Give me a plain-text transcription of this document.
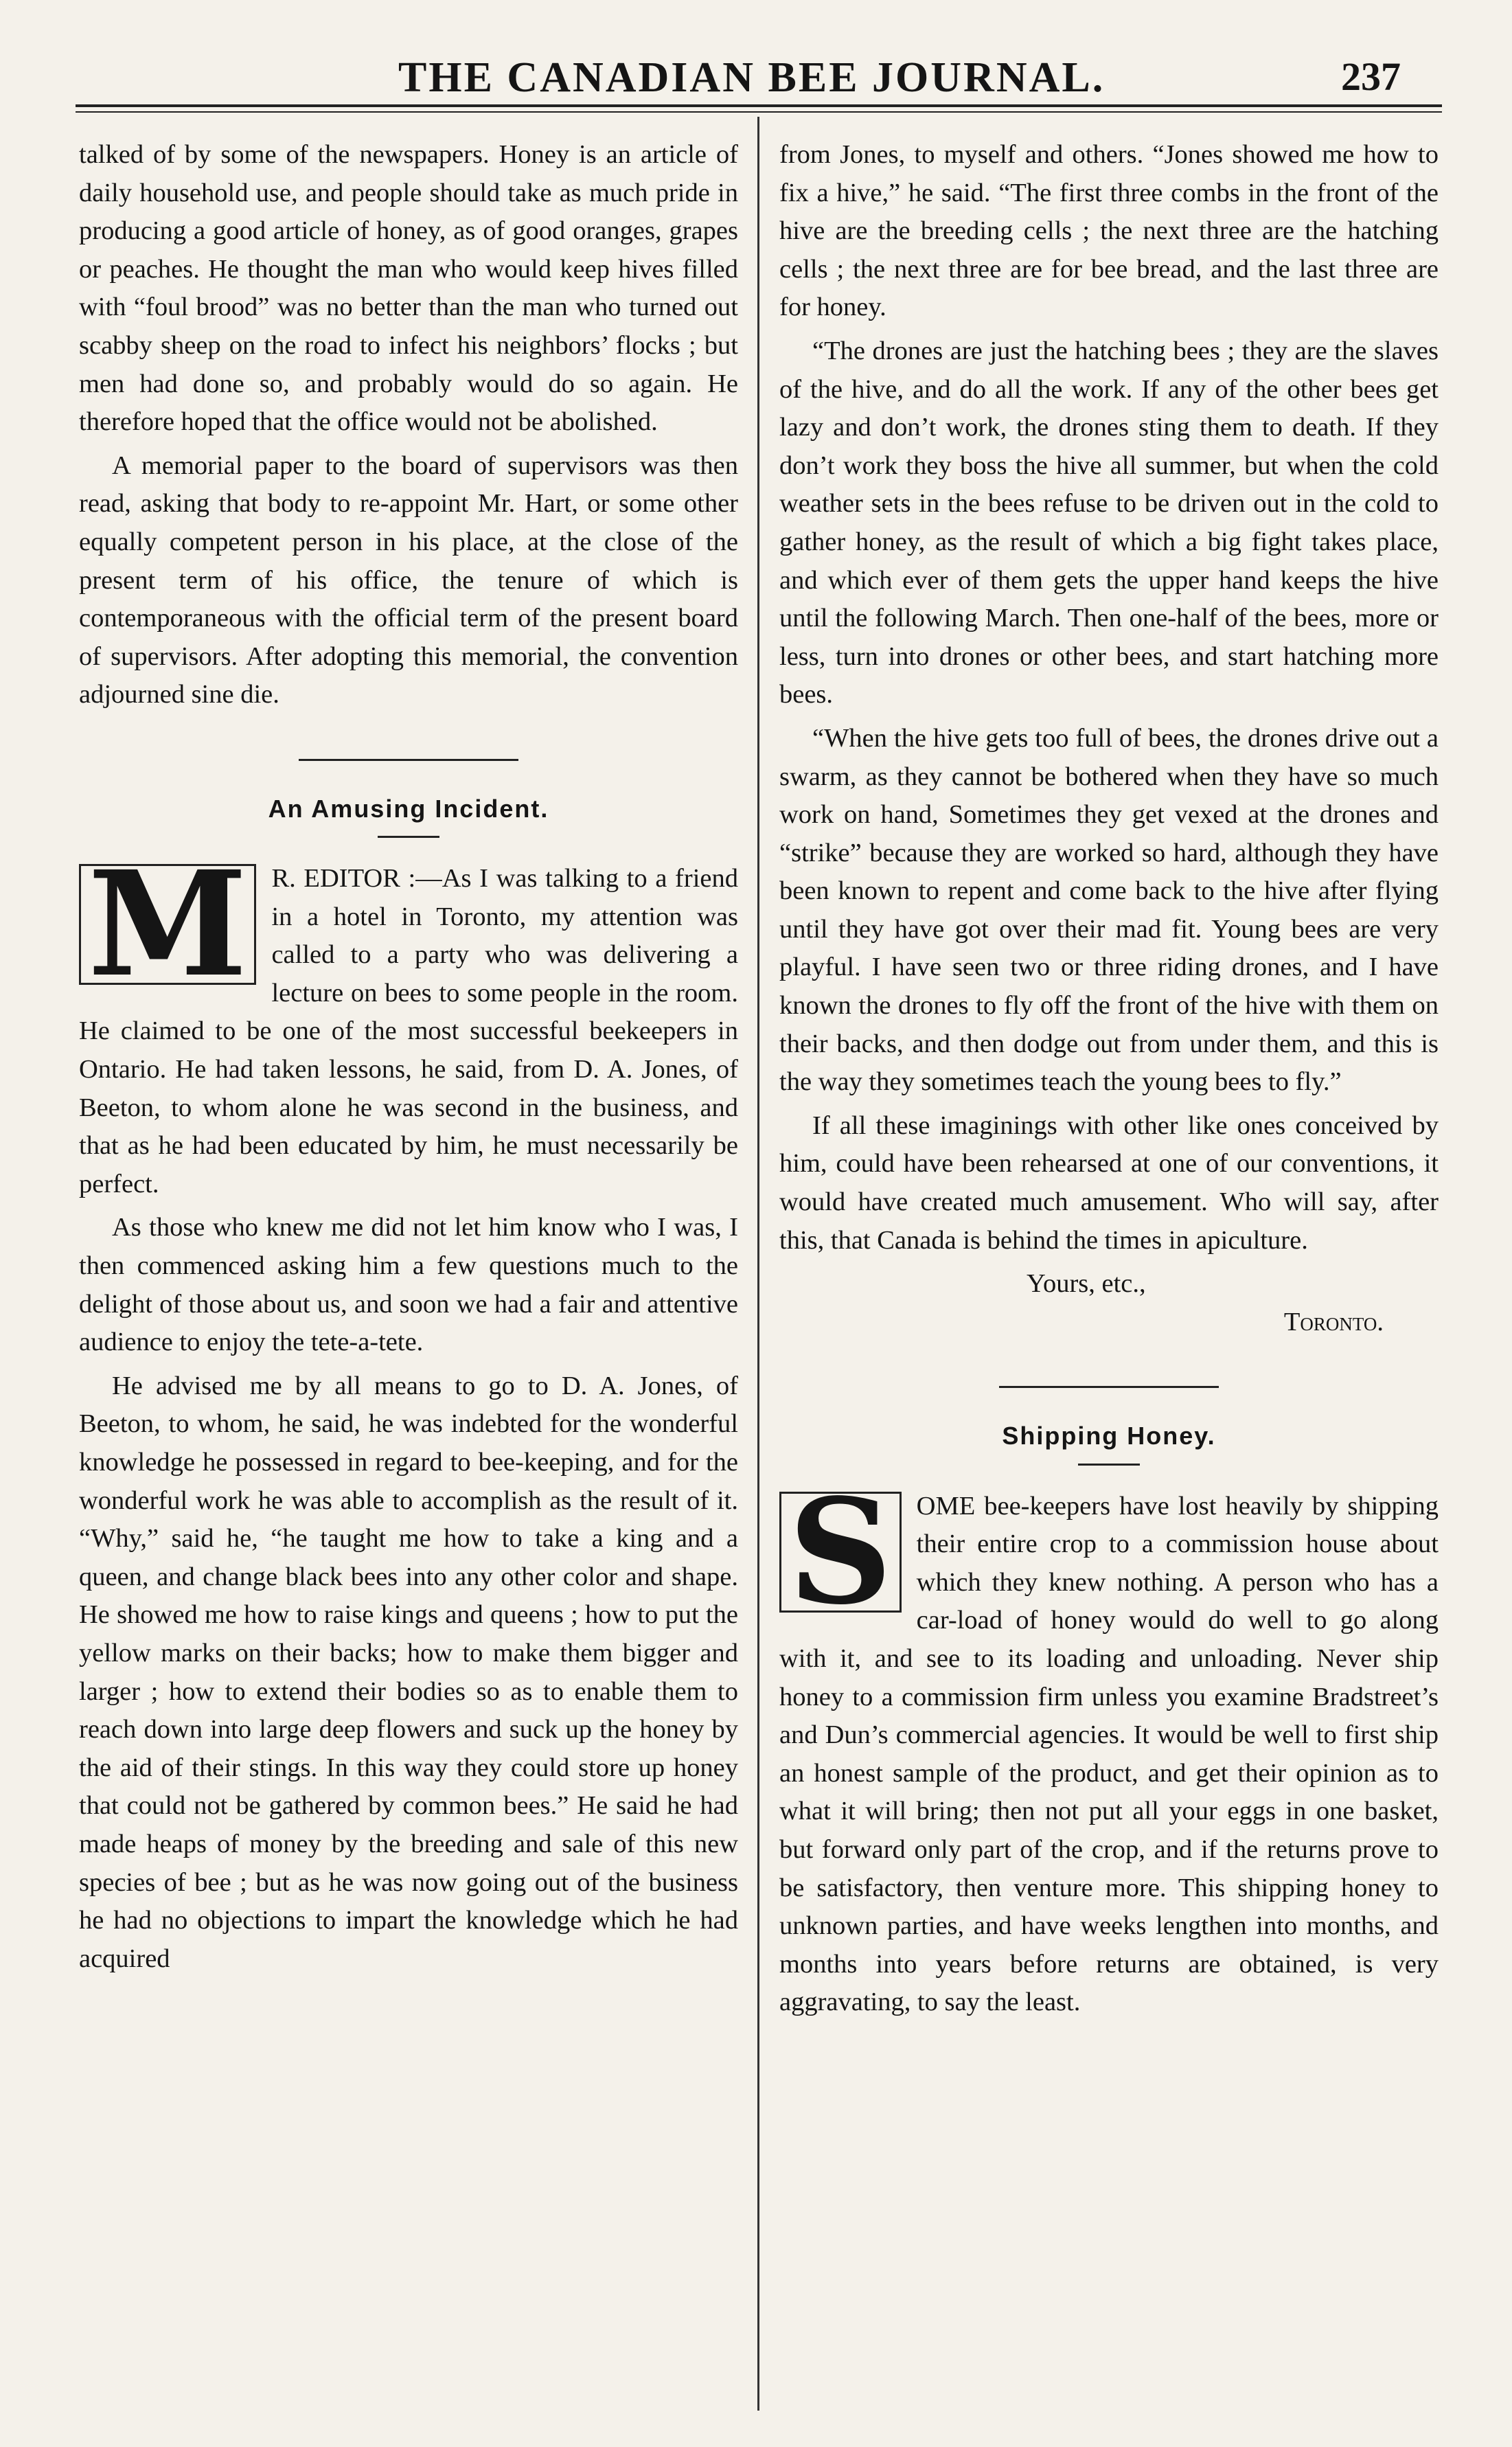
THE CANADIAN BEE JOURNAL.	237

talked of by some of the newspapers. Honey is an article of daily household use, and people should take as much pride in producing a good article of honey, as of good oranges, grapes or peaches. He thought the man who would keep hives filled with “foul brood” was no better than the man who turned out scabby sheep on the road to infect his neighbors’ flocks ; but men had done so, and probably would do so again. He therefore hoped that the office would not be abolished.

A memorial paper to the board of supervisors was then read, asking that body to re-appoint Mr. Hart, or some other equally competent person in his place, at the close of the present term of his office, the tenure of which is contemporaneous with the official term of the present board of supervisors. After adopting this memorial, the convention adjourned sine die.

An Amusing Incident.

M R. EDITOR :—As I was talking to a friend in a hotel in Toronto, my attention was called to a party who was delivering a lecture on bees to some people in the room. He claimed to be one of the most successful beekeepers in Ontario. He had taken lessons, he said, from D. A. Jones, of Beeton, to whom alone he was second in the business, and that as he had been educated by him, he must necessarily be perfect.

As those who knew me did not let him know who I was, I then commenced asking him a few questions much to the delight of those about us, and soon we had a fair and attentive audience to enjoy the tete-a-tete.

He advised me by all means to go to D. A. Jones, of Beeton, to whom, he said, he was indebted for the wonderful knowledge he possessed in regard to bee-keeping, and for the wonderful work he was able to accomplish as the result of it. “Why,” said he, “he taught me how to take a king and a queen, and change black bees into any other color and shape. He showed me how to raise kings and queens ; how to put the yellow marks on their backs; how to make them bigger and larger ; how to extend their bodies so as to enable them to reach down into large deep flowers and suck up the honey by the aid of their stings. In this way they could store up honey that could not be gathered by common bees.” He said he had made heaps of money by the breeding and sale of this new species of bee ; but as he was now going out of the business he had no objections to impart the knowledge which he had acquired

from Jones, to myself and others. “Jones showed me how to fix a hive,” he said. “The first three combs in the front of the hive are the breeding cells ; the next three are the hatching cells ; the next three are for bee bread, and the last three are for honey.

“The drones are just the hatching bees ; they are the slaves of the hive, and do all the work. If any of the other bees get lazy and don’t work, the drones sting them to death. If they don’t work they boss the hive all summer, but when the cold weather sets in the bees refuse to be driven out in the cold to gather honey, as the result of which a big fight takes place, and which ever of them gets the upper hand keeps the hive until the following March. Then one-half of the bees, more or less, turn into drones or other bees, and start hatching more bees.

“When the hive gets too full of bees, the drones drive out a swarm, as they cannot be bothered when they have so much work on hand, Sometimes they get vexed at the drones and “strike” because they are worked so hard, although they have been known to repent and come back to the hive after flying until they have got over their mad fit. Young bees are very playful. I have seen two or three riding drones, and I have known the drones to fly off the front of the hive with them on their backs, and then dodge out from under them, and this is the way they sometimes teach the young bees to fly.”

If all these imaginings with other like ones conceived by him, could have been rehearsed at one of our conventions, it would have created much amusement. Who will say, after this, that Canada is behind the times in apiculture.

Yours, etc.,

Toronto.

Shipping Honey.

S OME bee-keepers have lost heavily by shipping their entire crop to a commission house about which they knew nothing. A person who has a car-load of honey would do well to go along with it, and see to its loading and unloading. Never ship honey to a commission firm unless you examine Bradstreet’s and Dun’s commercial agencies. It would be well to first ship an honest sample of the product, and get their opinion as to what it will bring; then not put all your eggs in one basket, but forward only part of the crop, and if the returns prove to be satisfactory, then venture more. This shipping honey to unknown parties, and have weeks lengthen into months, and months into years before returns are obtained, is very aggravating, to say the least.
